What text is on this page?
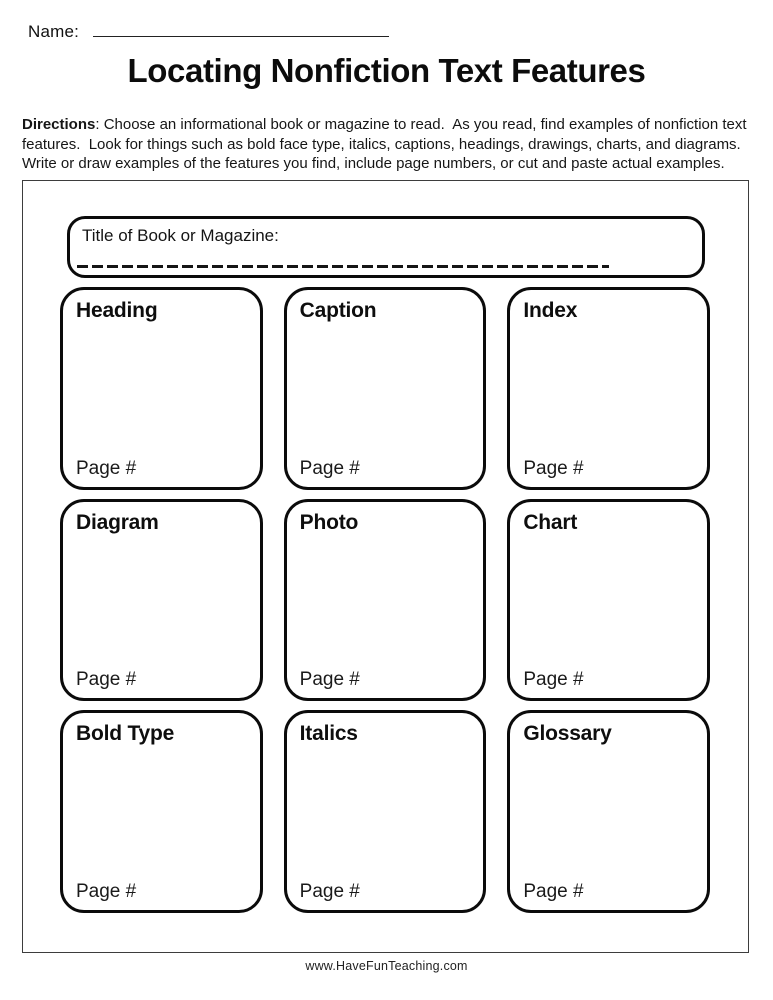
Name:
Locating Nonfiction Text Features

Directions: Choose an informational book or magazine to read.  As you read, find examples of nonfiction text features.  Look for things such as bold face type, italics, captions, headings, drawings, charts, and diagrams. Write or draw examples of the features you find, include page numbers, or cut and paste actual examples.

Title of Book or Magazine:
Heading
Page #
Caption
Page #
Index
Page #
Diagram
Page #
Photo
Page #
Chart
Page #
Bold Type
Page #
Italics
Page #
Glossary
Page #
www.HaveFunTeaching.com
